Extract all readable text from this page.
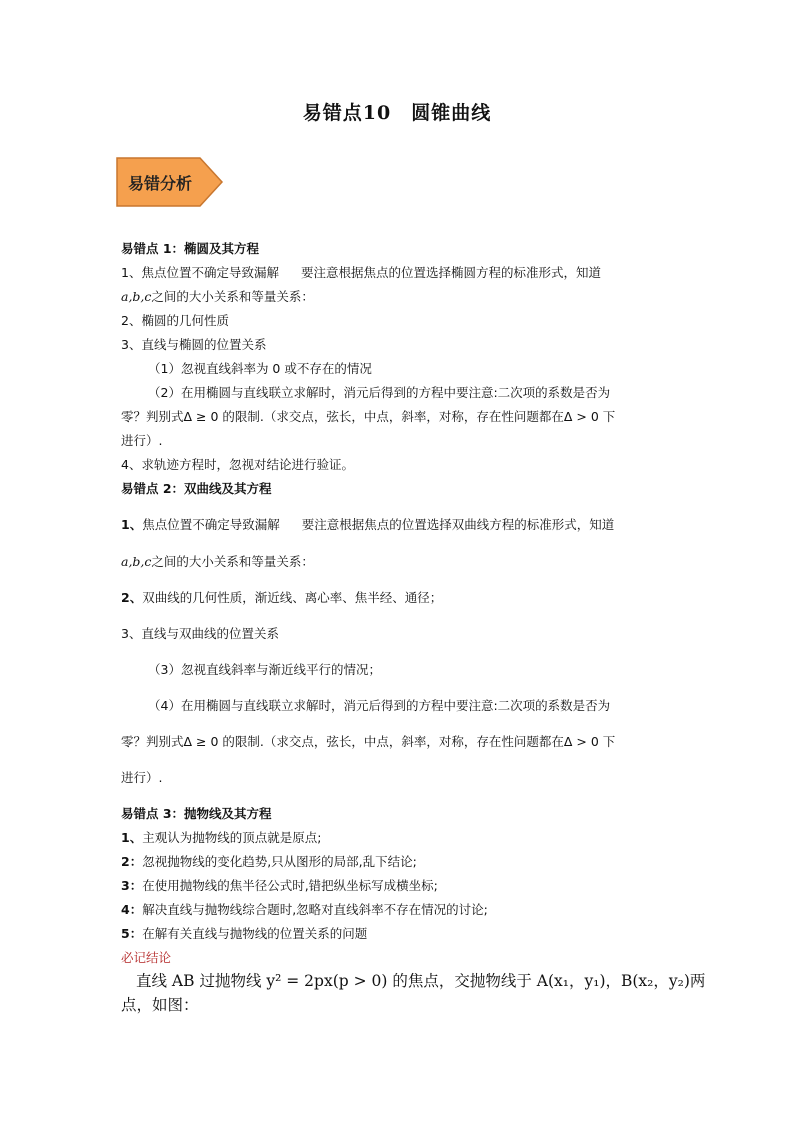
易错点10　圆锥曲线
易错分析
易错点 1：椭圆及其方程
1、焦点位置不确定导致漏解 要注意根据焦点的位置选择椭圆方程的标准形式，知道
a,b,c之间的大小关系和等量关系：
2、椭圆的几何性质
3、直线与椭圆的位置关系
（1）忽视直线斜率为 0 或不存在的情况
（2）在用椭圆与直线联立求解时，消元后得到的方程中要注意:二次项的系数是否为
零？判别式Δ ≥ 0 的限制.（求交点，弦长，中点，斜率，对称，存在性问题都在Δ > 0 下
进行）.
4、求轨迹方程时，忽视对结论进行验证。
易错点 2：双曲线及其方程
1、焦点位置不确定导致漏解 要注意根据焦点的位置选择双曲线方程的标准形式，知道
a,b,c之间的大小关系和等量关系：
2、双曲线的几何性质，渐近线、离心率、焦半经、通径；
3、直线与双曲线的位置关系
（3）忽视直线斜率与渐近线平行的情况；
（4）在用椭圆与直线联立求解时，消元后得到的方程中要注意:二次项的系数是否为
零？判别式Δ ≥ 0 的限制.（求交点，弦长，中点，斜率，对称，存在性问题都在Δ > 0 下
进行）.
易错点 3：抛物线及其方程
1、主观认为抛物线的顶点就是原点;
2：忽视抛物线的变化趋势,只从图形的局部,乱下结论;
3：在使用抛物线的焦半径公式时,错把纵坐标写成横坐标;
4：解决直线与抛物线综合题时,忽略对直线斜率不存在情况的讨论;
5：在解有关直线与抛物线的位置关系的问题
必记结论
直线 AB 过抛物线 y² = 2px(p > 0) 的焦点，交抛物线于 A(x₁，y₁)，B(x₂，y₂)两
点，如图：
